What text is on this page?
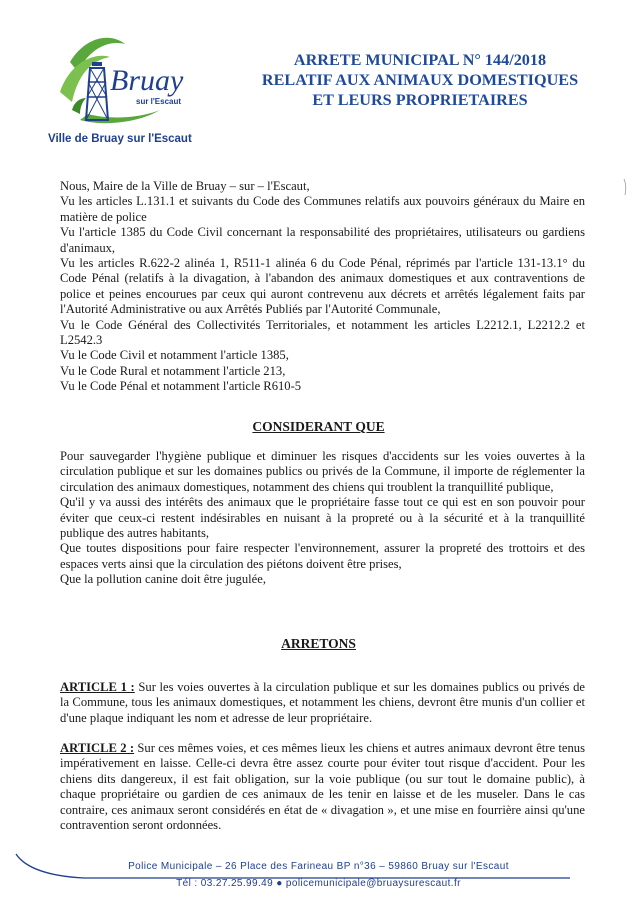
Bruay
sur l'Escaut
Ville de Bruay sur l'Escaut
ARRETE MUNICIPAL N° 144/2018
RELATIF AUX ANIMAUX DOMESTIQUES
ET LEURS PROPRIETAIRES

Nous, Maire de la Ville de Bruay – sur – l'Escaut,

Vu les articles L.131.1 et suivants du Code des Communes relatifs aux pouvoirs généraux du Maire en matière de police

Vu l'article 1385 du Code Civil concernant la responsabilité des propriétaires, utilisateurs ou gardiens d'animaux,

Vu les articles R.622-2 alinéa 1, R511-1 alinéa 6 du Code Pénal, réprimés par l'article 131-13.1° du Code Pénal (relatifs à la divagation, à l'abandon des animaux domestiques et aux contraventions de police et peines encourues par ceux qui auront contrevenu aux décrets et arrêtés légalement faits par l'Autorité Administrative ou aux Arrêtés Publiés par l'Autorité Communale,

Vu le Code Général des Collectivités Territoriales, et notamment les articles L2212.1, L2212.2 et L2542.3

Vu le Code Civil et notamment l'article 1385,

Vu le Code Rural et notamment l'article 213,

Vu le Code Pénal et notamment l'article R610-5

CONSIDERANT QUE

Pour sauvegarder l'hygiène publique et diminuer les risques d'accidents sur les voies ouvertes à la circulation publique et sur les domaines publics ou privés de la Commune, il importe de réglementer la circulation des animaux domestiques, notamment des chiens qui troublent la tranquillité publique,

Qu'il y va aussi des intérêts des animaux que le propriétaire fasse tout ce qui est en son pouvoir pour éviter que ceux-ci restent indésirables en nuisant à la propreté ou à la sécurité et à la tranquillité publique des autres habitants,

Que toutes dispositions pour faire respecter l'environnement, assurer la propreté des trottoirs et des espaces verts ainsi que la circulation des piétons doivent être prises,

Que la pollution canine doit être jugulée,

ARRETONS

ARTICLE 1 : Sur les voies ouvertes à la circulation publique et sur les domaines publics ou privés de la Commune, tous les animaux domestiques, et notamment les chiens, devront être munis d'un collier et d'une plaque indiquant les nom et adresse de leur propriétaire.

ARTICLE 2 : Sur ces mêmes voies, et ces mêmes lieux les chiens et autres animaux devront être tenus impérativement en laisse. Celle-ci devra être assez courte pour éviter tout risque d'accident. Pour les chiens dits dangereux, il est fait obligation, sur la voie publique (ou sur tout le domaine public), à chaque propriétaire ou gardien de ces animaux de les tenir en laisse et de les museler. Dans le cas contraire, ces animaux seront considérés en état de « divagation », et une mise en fourrière ainsi qu'une contravention seront ordonnées.

Police Municipale – 26 Place des Farineau BP n°36 – 59860 Bruay sur l'Escaut
Tél : 03.27.25.99.49 ● policemunicipale@bruaysurescaut.fr
